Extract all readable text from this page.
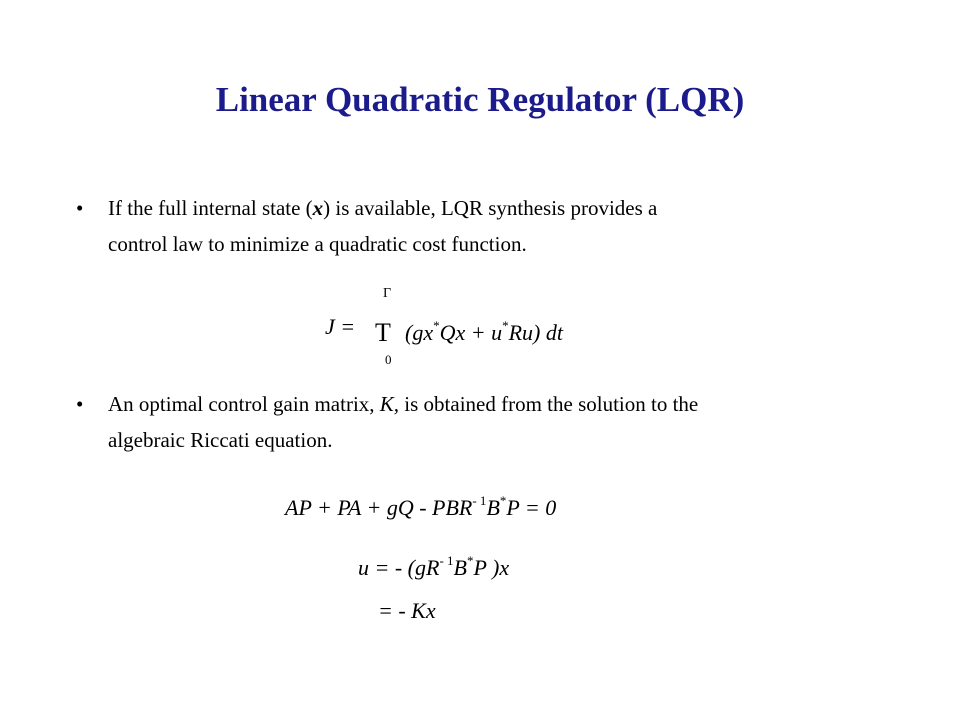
Linear Quadratic Regulator (LQR)
• If the full internal state (x) is available, LQR synthesis provides a
control law to minimize a quadratic cost function.
J =
Γ
T
0
(gx*Qx + u*Ru) dt
• An optimal control gain matrix, K, is obtained from the solution to the
algebraic Riccati equation.
AP + PA + gQ - $PBR^{- 1}B^*P = 0$
u = - ($gR^{- 1}B^*P$ )x
= - Kx
